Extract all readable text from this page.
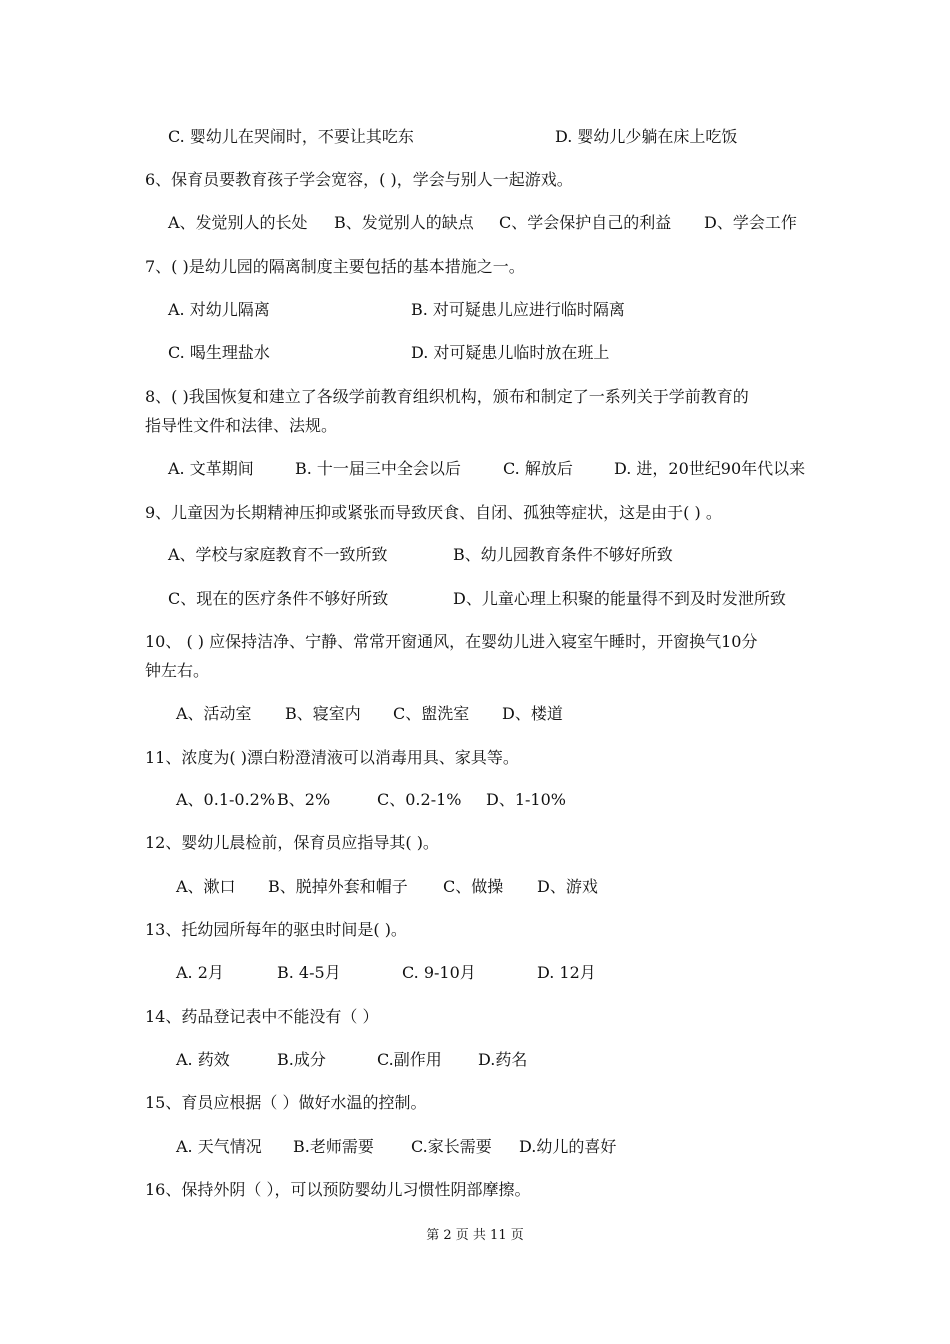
C. 婴幼儿在哭闹时，不要让其吃东	D. 婴幼儿少躺在床上吃饭
6、保育员要教育孩子学会宽容，( )，学会与别人一起游戏。
A、发觉别人的长处 B、发觉别人的缺点 C、学会保护自己的利益 D、学会工作
7、( )是幼儿园的隔离制度主要包括的基本措施之一。
A. 对幼儿隔离	B. 对可疑患儿应进行临时隔离
C. 喝生理盐水	D. 对可疑患儿临时放在班上
8、( )我国恢复和建立了各级学前教育组织机构，颁布和制定了一系列关于学前教育的
指导性文件和法律、法规。
A. 文革期间	B. 十一届三中全会以后	C. 解放后	D. 进，20世纪90年代以来
9、儿童因为长期精神压抑或紧张而导致厌食、自闭、孤独等症状，这是由于( ) 。
A、学校与家庭教育不一致所致	B、幼儿园教育条件不够好所致
C、现在的医疗条件不够好所致	D、儿童心理上积聚的能量得不到及时发泄所致
10、 ( ) 应保持洁净、宁静、常常开窗通风，在婴幼儿进入寝室午睡时，开窗换气10分
钟左右。
A、活动室 B、寝室内 C、盥洗室 D、楼道
11、浓度为( )漂白粉澄清液可以消毒用具、家具等。
A、0.1-0.2% B、2%	C、0.2-1% D、1-10%
12、婴幼儿晨检前，保育员应指导其( )。
A、漱口 B、脱掉外套和帽子 C、做操 D、游戏
13、托幼园所每年的驱虫时间是( )。
A. 2月	B. 4-5月	C. 9-10月	D. 12月
14、药品登记表中不能没有（ ）
A. 药效	B.成分	C.副作用 D.药名
15、育员应根据（ ）做好水温的控制。
A. 天气情况 B.老师需要 C.家长需要 D.幼儿的喜好
16、保持外阴（ ），可以预防婴幼儿习惯性阴部摩擦。
第 2 页 共 11 页
